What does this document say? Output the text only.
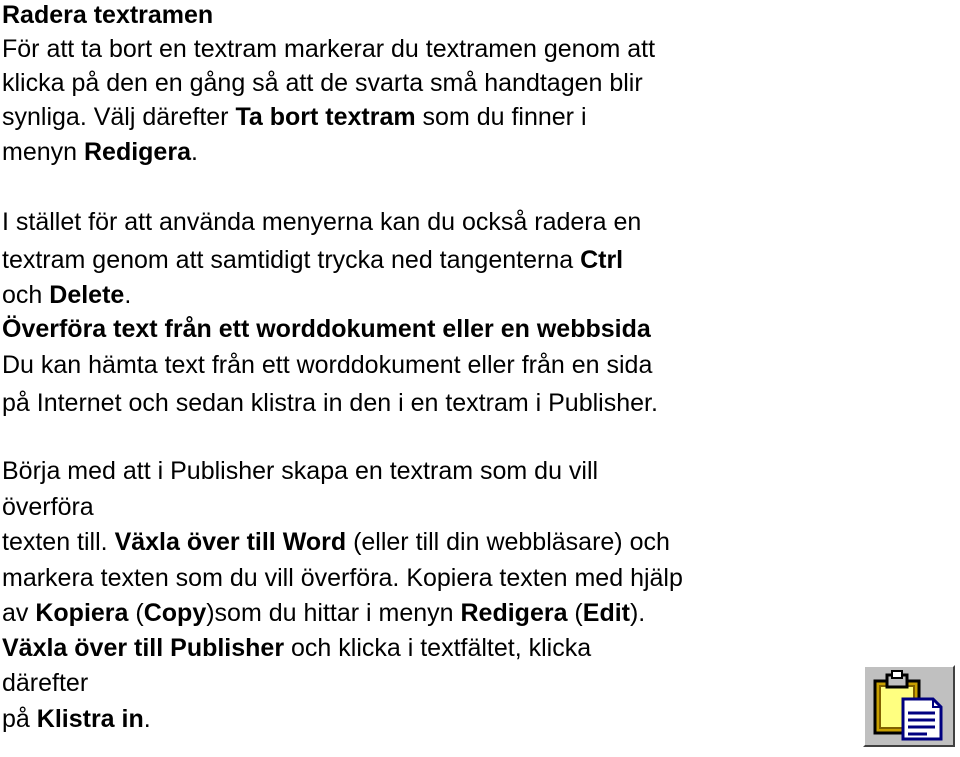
Radera textramen
För att ta bort en textram markerar du textramen genom att
klicka på den en gång så att de svarta små handtagen blir
synliga. Välj därefter Ta bort textram som du finner i
menyn Redigera.
I stället för att använda menyerna kan du också radera en
textram genom att samtidigt trycka ned tangenterna Ctrl
och Delete.
Överföra text från ett worddokument eller en webbsida
Du kan hämta text från ett worddokument eller från en sida
på Internet och sedan klistra in den i en textram i Publisher.
Börja med att i Publisher skapa en textram som du vill
överföra
texten till. Växla över till Word (eller till din webbläsare) och
markera texten som du vill överföra. Kopiera texten med hjälp
av Kopiera (Copy)som du hittar i menyn Redigera (Edit).
Växla över till Publisher och klicka i textfältet, klicka
därefter
på Klistra in.
